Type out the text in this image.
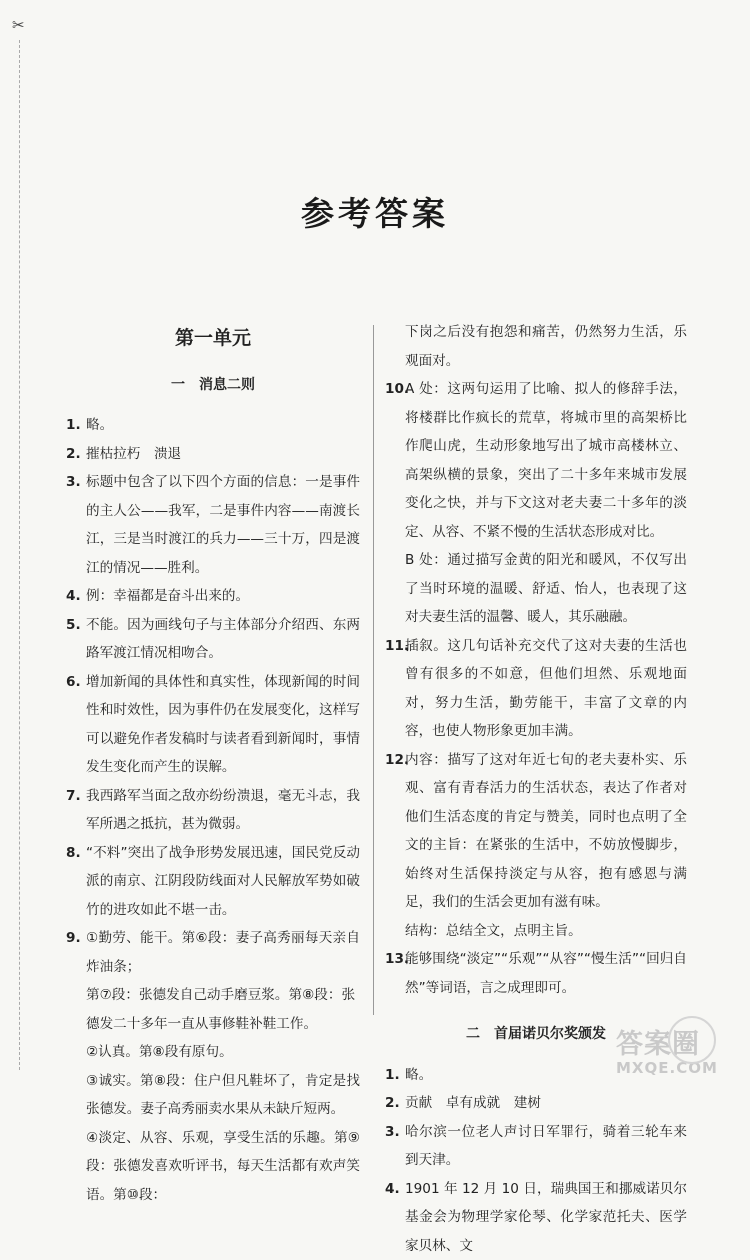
✂
参考答案
第一单元
一　消息二则
1. 略。
2. 摧枯拉朽　溃退
3. 标题中包含了以下四个方面的信息：一是事件的主人公——我军，二是事件内容——南渡长江，三是当时渡江的兵力——三十万，四是渡江的情况——胜利。
4. 例：幸福都是奋斗出来的。
5. 不能。因为画线句子与主体部分介绍西、东两路军渡江情况相吻合。
6. 增加新闻的具体性和真实性，体现新闻的时间性和时效性，因为事件仍在发展变化，这样写可以避免作者发稿时与读者看到新闻时，事情发生变化而产生的误解。
7. 我西路军当面之敌亦纷纷溃退，毫无斗志，我军所遇之抵抗，甚为微弱。
8. “不料”突出了战争形势发展迅速，国民党反动派的南京、江阴段防线面对人民解放军势如破竹的进攻如此不堪一击。
9. ①勤劳、能干。第⑥段：妻子高秀丽每天亲自炸油条；
第⑦段：张德发自己动手磨豆浆。第⑧段：张德发二十多年一直从事修鞋补鞋工作。
②认真。第⑧段有原句。
③诚实。第⑧段：住户但凡鞋坏了，肯定是找张德发。妻子高秀丽卖水果从未缺斤短两。
④淡定、从容、乐观，享受生活的乐趣。第⑨段：张德发喜欢听评书，每天生活都有欢声笑语。第⑩段：
下岗之后没有抱怨和痛苦，仍然努力生活，乐观面对。
10.
A 处：这两句运用了比喻、拟人的修辞手法，将楼群比作疯长的荒草，将城市里的高架桥比作爬山虎，生动形象地写出了城市高楼林立、高架纵横的景象，突出了二十多年来城市发展变化之快，并与下文这对老夫妻二十多年的淡定、从容、不紧不慢的生活状态形成对比。
B 处：通过描写金黄的阳光和暖风，不仅写出了当时环境的温暖、舒适、怡人，也表现了这对夫妻生活的温馨、暖人，其乐融融。
11.
插叙。这几句话补充交代了这对夫妻的生活也曾有很多的不如意，但他们坦然、乐观地面对，努力生活，勤劳能干，丰富了文章的内容，也使人物形象更加丰满。
12.
内容：描写了这对年近七旬的老夫妻朴实、乐观、富有青春活力的生活状态，表达了作者对他们生活态度的肯定与赞美，同时也点明了全文的主旨：在紧张的生活中，不妨放慢脚步，始终对生活保持淡定与从容，抱有感恩与满足，我们的生活会更加有滋有味。
结构：总结全文，点明主旨。
13.
能够围绕“淡定”“乐观”“从容”“慢生活”“回归自然”等词语，言之成理即可。
二　首届诺贝尔奖颁发
1. 略。
2. 贡献　卓有成就　建树
3. 哈尔滨一位老人声讨日军罪行，骑着三轮车来到天津。
4. 1901 年 12 月 10 日，瑞典国王和挪威诺贝尔基金会为物理学家伦琴、化学家范托夫、医学家贝林、文
答案圈
MXQE.COM
